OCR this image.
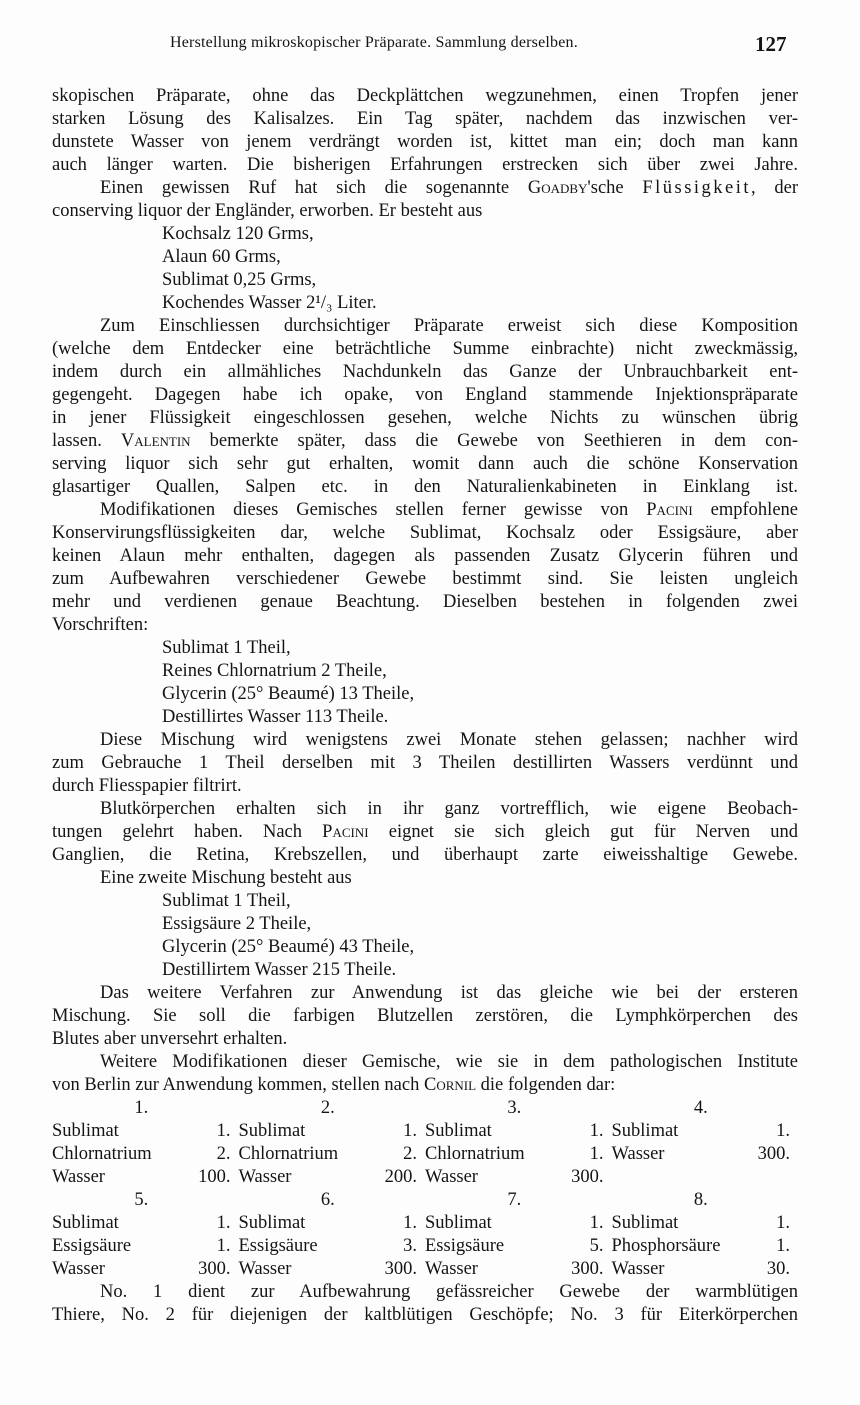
Herstellung mikroskopischer Präparate. Sammlung derselben.	127
skopischen Präparate, ohne das Deckplättchen wegzunehmen, einen Tropfen jener
starken Lösung des Kalisalzes. Ein Tag später, nachdem das inzwischen ver-
dunstete Wasser von jenem verdrängt worden ist, kittet man ein; doch man kann
auch länger warten. Die bisherigen Erfahrungen erstrecken sich über zwei Jahre.
Einen gewissen Ruf hat sich die sogenannte Goadby'sche Flüssigkeit, der
conserving liquor der Engländer, erworben. Er besteht aus
Kochsalz 120 Grms,
Alaun 60 Grms,
Sublimat 0,25 Grms,
Kochendes Wasser 2¹/₃ Liter.
Zum Einschliessen durchsichtiger Präparate erweist sich diese Komposition
(welche dem Entdecker eine beträchtliche Summe einbrachte) nicht zweckmässig,
indem durch ein allmähliches Nachdunkeln das Ganze der Unbrauchbarkeit ent-
gegengeht. Dagegen habe ich opake, von England stammende Injektionspräparate
in jener Flüssigkeit eingeschlossen gesehen, welche Nichts zu wünschen übrig
lassen. Valentin bemerkte später, dass die Gewebe von Seethieren in dem con-
serving liquor sich sehr gut erhalten, womit dann auch die schöne Konservation
glasartiger Quallen, Salpen etc. in den Naturalienkabineten in Einklang ist.
Modifikationen dieses Gemisches stellen ferner gewisse von Pacini empfohlene
Konservirungsflüssigkeiten dar, welche Sublimat, Kochsalz oder Essigsäure, aber
keinen Alaun mehr enthalten, dagegen als passenden Zusatz Glycerin führen und
zum Aufbewahren verschiedener Gewebe bestimmt sind. Sie leisten ungleich
mehr und verdienen genaue Beachtung. Dieselben bestehen in folgenden zwei
Vorschriften:
Sublimat 1 Theil,
Reines Chlornatrium 2 Theile,
Glycerin (25° Beaumé) 13 Theile,
Destillirtes Wasser 113 Theile.
Diese Mischung wird wenigstens zwei Monate stehen gelassen; nachher wird
zum Gebrauche 1 Theil derselben mit 3 Theilen destillirten Wassers verdünnt und
durch Fliesspapier filtrirt.
Blutkörperchen erhalten sich in ihr ganz vortrefflich, wie eigene Beobach-
tungen gelehrt haben. Nach Pacini eignet sie sich gleich gut für Nerven und
Ganglien, die Retina, Krebszellen, und überhaupt zarte eiweisshaltige Gewebe.
Eine zweite Mischung besteht aus
Sublimat 1 Theil,
Essigsäure 2 Theile,
Glycerin (25° Beaumé) 43 Theile,
Destillirtem Wasser 215 Theile.
Das weitere Verfahren zur Anwendung ist das gleiche wie bei der ersteren
Mischung. Sie soll die farbigen Blutzellen zerstören, die Lymphkörperchen des
Blutes aber unversehrt erhalten.
Weitere Modifikationen dieser Gemische, wie sie in dem pathologischen Institute
von Berlin zur Anwendung kommen, stellen nach Cornil die folgenden dar:
1.	2.	3.	4.
Sublimat	1. Sublimat	1. Sublimat	1. Sublimat	1.
Chlornatrium	2. Chlornatrium	2. Chlornatrium	1. Wasser	300.
Wasser	100. Wasser	200. Wasser	300.
5.	6.	7.	8.
Sublimat	1. Sublimat	1. Sublimat	1. Sublimat	1.
Essigsäure	1. Essigsäure	3. Essigsäure	5. Phosphorsäure	1.
Wasser	300. Wasser	300. Wasser	300. Wasser	30.
No. 1 dient zur Aufbewahrung gefässreicher Gewebe der warmblütigen
Thiere, No. 2 für diejenigen der kaltblütigen Geschöpfe; No. 3 für Eiterkörperchen
